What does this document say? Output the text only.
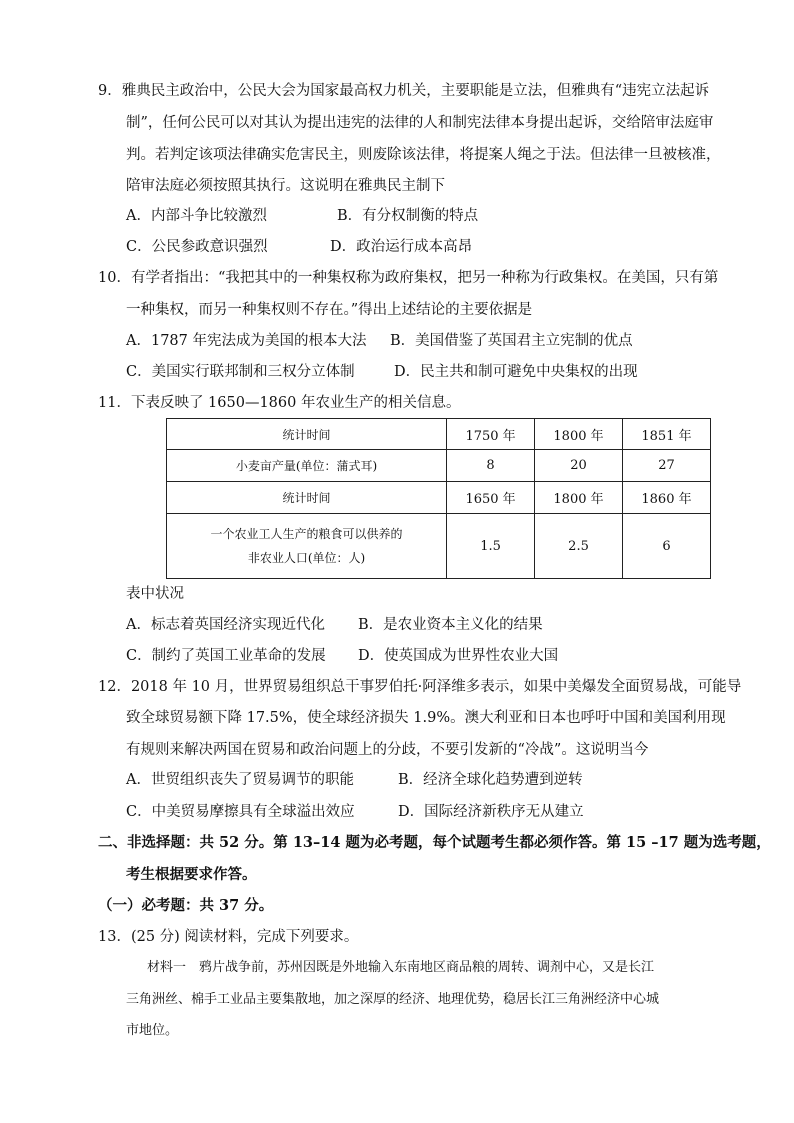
9．雅典民主政治中，公民大会为国家最高权力机关，主要职能是立法，但雅典有“违宪立法起诉
制”，任何公民可以对其认为提出违宪的法律的人和制宪法律本身提出起诉，交给陪审法庭审
判。若判定该项法律确实危害民主，则废除该法律，将提案人绳之于法。但法律一旦被核准，
陪审法庭必须按照其执行。这说明在雅典民主制下
A．内部斗争比较激烈	B．有分权制衡的特点
C．公民参政意识强烈	D．政治运行成本高昂
10．有学者指出：“我把其中的一种集权称为政府集权，把另一种称为行政集权。在美国，只有第
一种集权，而另一种集权则不存在。”得出上述结论的主要依据是
A．1787 年宪法成为美国的根本大法 B．美国借鉴了英国君主立宪制的优点
C．美国实行联邦制和三权分立体制	D．民主共和制可避免中央集权的出现
11．下表反映了 1650—1860 年农业生产的相关信息。
统计时间	1750 年	1800 年	1851 年
小麦亩产量(单位：蒲式耳)	8	20	27
统计时间	1650 年	1800 年	1860 年

一个农业工人生产的粮食可以供养的
非农业人口(单位：人)	1.5	2.5	6
表中状况
A．标志着英国经济实现近代化 B．是农业资本主义化的结果
C．制约了英国工业革命的发展 D．使英国成为世界性农业大国
12．2018 年 10 月，世界贸易组织总干事罗伯托·阿泽维多表示，如果中美爆发全面贸易战，可能导
致全球贸易额下降 17.5%，使全球经济损失 1.9%。澳大利亚和日本也呼吁中国和美国利用现
有规则来解决两国在贸易和政治问题上的分歧，不要引发新的“冷战”。这说明当今
A．世贸组织丧失了贸易调节的职能	B．经济全球化趋势遭到逆转
C．中美贸易摩擦具有全球溢出效应	D．国际经济新秩序无从建立
二、非选择题：共 52 分。第 13–14 题为必考题，每个试题考生都必须作答。第 15 –17 题为选考题，
考生根据要求作答。
（一）必考题：共 37 分。
13．(25 分) 阅读材料，完成下列要求。
材料一　鸦片战争前，苏州因既是外地输入东南地区商品粮的周转、调剂中心，又是长江
三角洲丝、棉手工业品主要集散地，加之深厚的经济、地理优势，稳居长江三角洲经济中心城
市地位。
